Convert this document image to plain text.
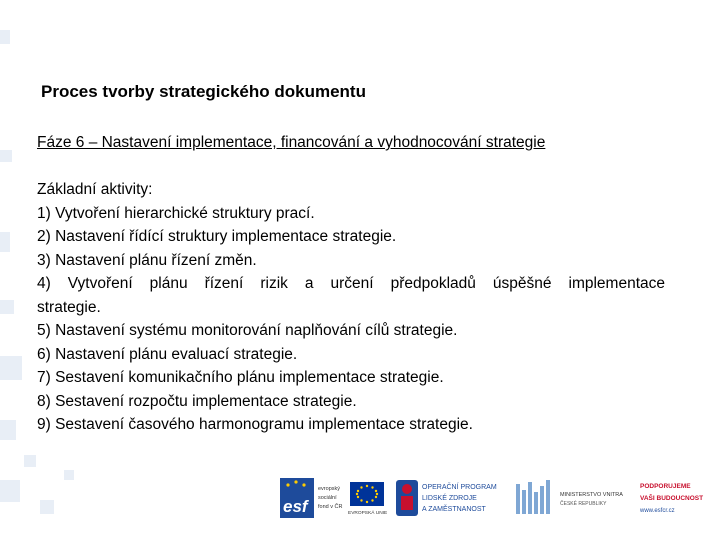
Proces tvorby strategického dokumentu
Fáze 6 – Nastavení implementace, financování a vyhodnocování strategie
Základní aktivity:
1) Vytvoření hierarchické struktury prací.
2) Nastavení řídící struktury implementace strategie.
3) Nastavení plánu řízení změn.
4) Vytvoření plánu řízení rizik a určení předpokladů úspěšné implementace
strategie.
5) Nastavení systému monitorování naplňování cílů strategie.
6) Nastavení plánu evaluací strategie.
7) Sestavení komunikačního plánu implementace strategie.
8) Sestavení rozpočtu implementace strategie.
9) Sestavení časového harmonogramu implementace strategie.
esf
evropský
sociální
fond v ČR
EVROPSKÁ UNIE
OPERAČNÍ PROGRAM
LIDSKÉ ZDROJE
A ZAMĚSTNANOST
MINISTERSTVO VNITRA
ČESKÉ REPUBLIKY
PODPORUJEME
VAŠI BUDOUCNOST
www.esfcr.cz
